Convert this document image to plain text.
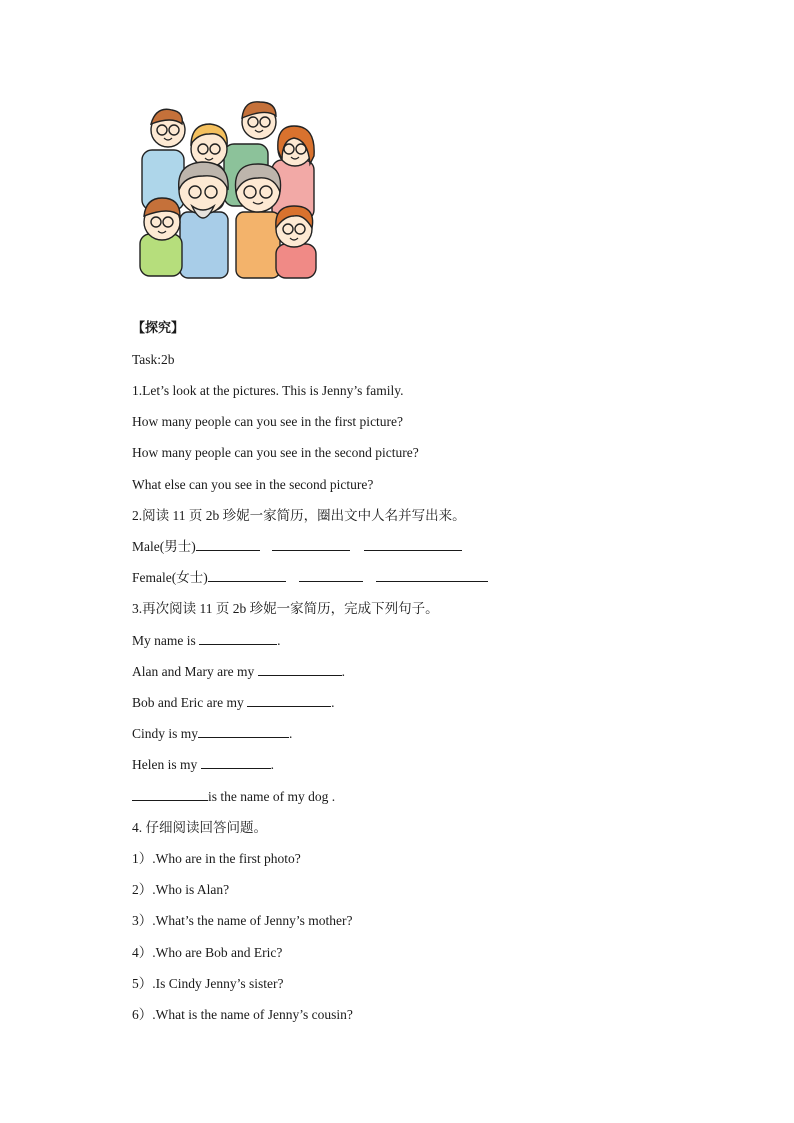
【探究】
Task:2b
1.Let’s look at the pictures. This is Jenny’s family.
How many people can you see in the first picture?
How many people can you see in the second picture?
What else can you see in the second picture?
2.阅读 11 页 2b 珍妮一家简历，圈出文中人名并写出来。
Male(男士)
Female(女士)
3.再次阅读 11 页 2b 珍妮一家简历，完成下列句子。
My name is	.
Alan and Mary are my	.
Bob and Eric are my	.
Cindy is my	.
Helen is my	.
is the name of my dog .
4. 仔细阅读回答问题。
1）.Who are in the first photo?
2）.Who is Alan?
3）.What’s the name of Jenny’s mother?
4）.Who are Bob and Eric?
5）.Is Cindy Jenny’s sister?
6）.What is the name of Jenny’s cousin?
